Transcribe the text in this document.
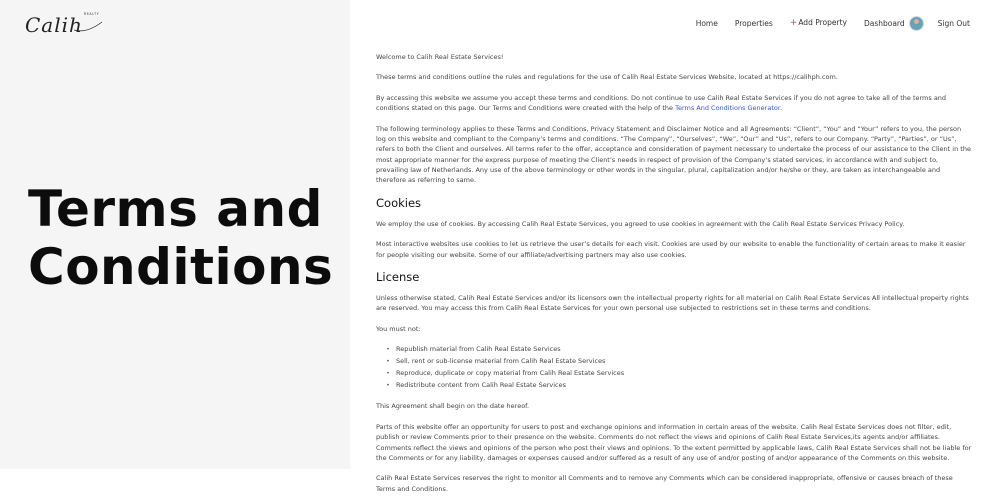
Calih REALTY
Terms and
Conditions
Home Properties +Add Property Dashboard	Sign Out

Welcome to Calih Real Estate Services!

These terms and conditions outline the rules and regulations for the use of Calih Real Estate Services Website, located at https://calihph.com.

By accessing this website we assume you accept these terms and conditions. Do not continue to use Calih Real Estate Services if you do not agree to take all of the terms and conditions stated on this page. Our Terms and Conditions were created with the help of the Terms And Conditions Generator.

The following terminology applies to these Terms and Conditions, Privacy Statement and Disclaimer Notice and all Agreements: “Client”, “You” and “Your” refers to you, the person log on this website and compliant to the Company’s terms and conditions. “The Company”, “Ourselves”, “We”, “Our” and “Us”, refers to our Company. “Party”, “Parties”, or “Us”, refers to both the Client and ourselves. All terms refer to the offer, acceptance and consideration of payment necessary to undertake the process of our assistance to the Client in the most appropriate manner for the express purpose of meeting the Client’s needs in respect of provision of the Company’s stated services, in accordance with and subject to, prevailing law of Netherlands. Any use of the above terminology or other words in the singular, plural, capitalization and/or he/she or they, are taken as interchangeable and therefore as referring to same.

Cookies

We employ the use of cookies. By accessing Calih Real Estate Services, you agreed to use cookies in agreement with the Calih Real Estate Services Privacy Policy.

Most interactive websites use cookies to let us retrieve the user’s details for each visit. Cookies are used by our website to enable the functionality of certain areas to make it easier for people visiting our website. Some of our affiliate/advertising partners may also use cookies.

License

Unless otherwise stated, Calih Real Estate Services and/or its licensors own the intellectual property rights for all material on Calih Real Estate Services All intellectual property rights are reserved. You may access this from Calih Real Estate Services for your own personal use subjected to restrictions set in these terms and conditions.

You must not:

• Republish material from Calih Real Estate Services
• Sell, rent or sub-license material from Calih Real Estate Services
• Reproduce, duplicate or copy material from Calih Real Estate Services
• Redistribute content from Calih Real Estate Services

This Agreement shall begin on the date hereof.

Parts of this website offer an opportunity for users to post and exchange opinions and information in certain areas of the website. Calih Real Estate Services does not filter, edit, publish or review Comments prior to their presence on the website. Comments do not reflect the views and opinions of Calih Real Estate Services,its agents and/or affiliates. Comments reflect the views and opinions of the person who post their views and opinions. To the extent permitted by applicable laws, Calih Real Estate Services shall not be liable for the Comments or for any liability, damages or expenses caused and/or suffered as a result of any use of and/or posting of and/or appearance of the Comments on this website.

Calih Real Estate Services reserves the right to monitor all Comments and to remove any Comments which can be considered inappropriate, offensive or causes breach of these Terms and Conditions.
